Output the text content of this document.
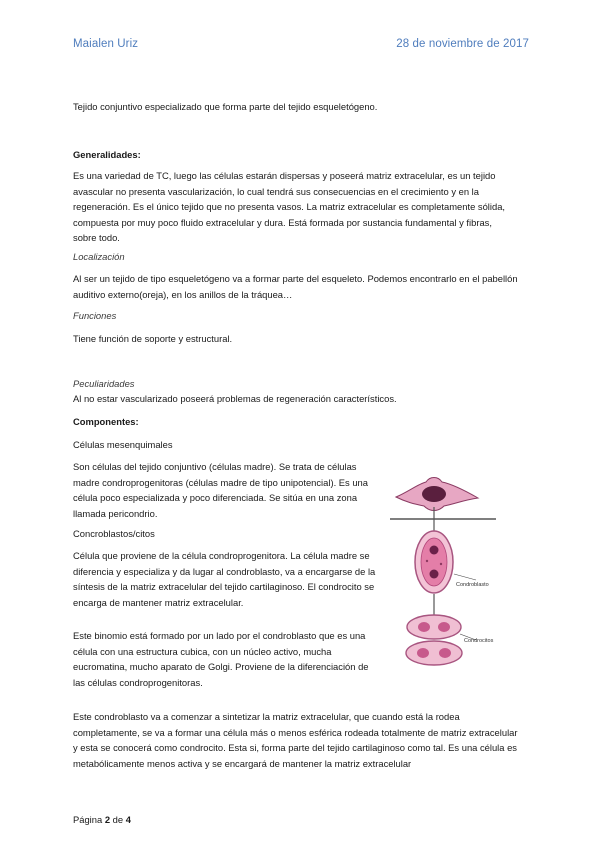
Maialen Uriz	28 de noviembre de 2017

Tejido conjuntivo especializado que forma parte del tejido esqueletógeno.

Generalidades:

Es una variedad de TC, luego las células estarán dispersas y poseerá matriz extracelular, es un tejido avascular no presenta vascularización, lo cual tendrá sus consecuencias en el crecimiento y en la regeneración. Es el único tejido que no presenta vasos. La matriz extracelular es completamente sólida, compuesta por muy poco fluido extracelular y dura. Está formada por sustancia fundamental y fibras, sobre todo.

Localización

Al ser un tejido de tipo esqueletógeno va a formar parte del esqueleto. Podemos encontrarlo en el pabellón auditivo externo(oreja), en los anillos de la tráquea…

Funciones

Tiene función de soporte y estructural.

Peculiaridades

Al no estar vascularizado poseerá problemas de regeneración característicos.

Componentes:

Células mesenquimales

Son células del tejido conjuntivo (células madre). Se trata de células madre condroprogenitoras (células madre de tipo unipotencial). Es una célula poco especializada y poco diferenciada. Se sitúa en una zona llamada pericondrio.

Concroblastos/citos

Célula que proviene de la célula condroprogenitora. La célula madre se diferencia y especializa y da lugar al condroblasto, va a encargarse de la síntesis de la matriz extracelular del tejido cartilaginoso. El condrocito se encarga de mantener matriz extracelular.

Este binomio está formado por un lado por el condroblasto que es una célula con una estructura cubica, con un núcleo activo, mucha eucromatina, mucho aparato de Golgi. Proviene de la diferenciación de las células condroprogenitoras.

Este condroblasto va a comenzar a sintetizar la matriz extracelular, que cuando está la rodea completamente, se va a formar una célula más o menos esférica rodeada totalmente de matriz extracelular y esta se conocerá como condrocito. Esta si, forma parte del tejido cartilaginoso como tal. Es una célula es metabólicamente menos activa y se encargará de mantener la matriz extracelular

Condroblasto
Condrocitos
Página 2 de 4
